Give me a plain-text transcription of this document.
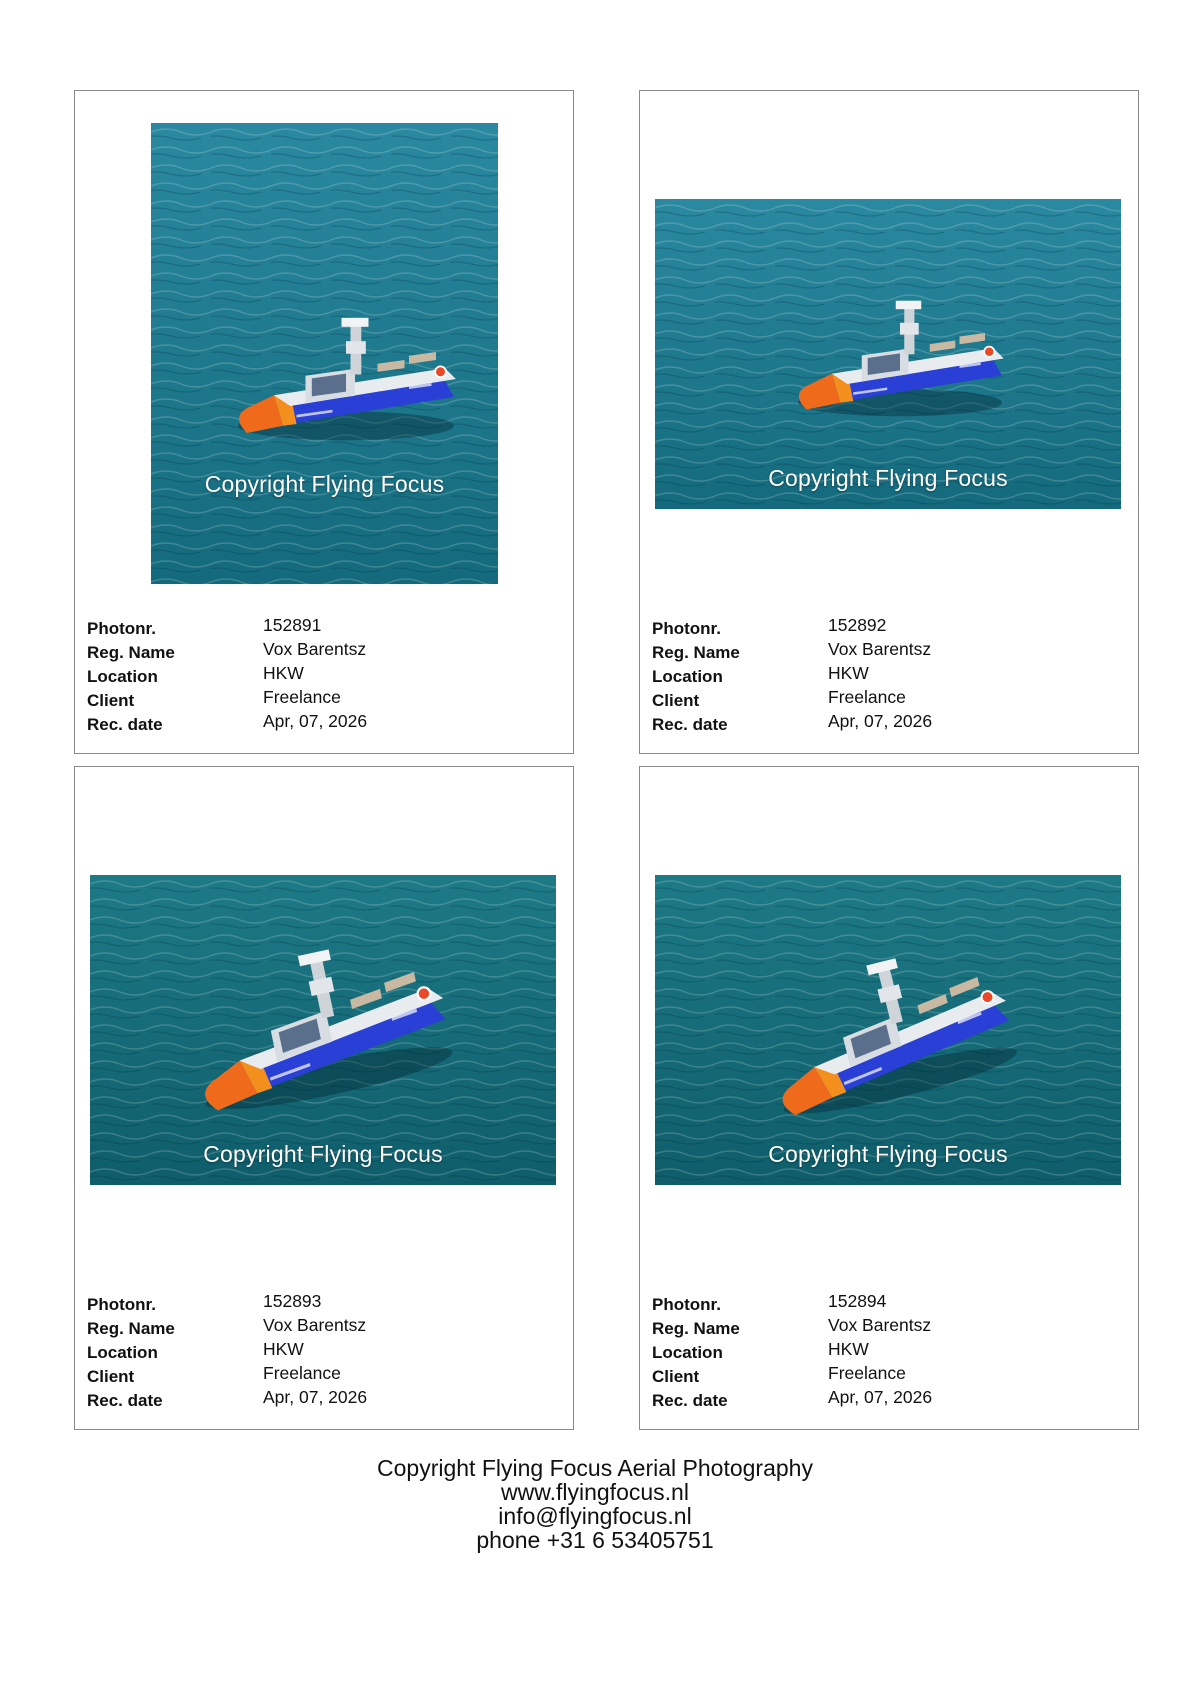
Copyright Flying Focus
Photonr.	152891
Reg. Name	Vox Barentsz
Location	HKW
Client	Freelance
Rec. date	Apr, 07, 2026
Copyright Flying Focus
Photonr.	152892
Reg. Name	Vox Barentsz
Location	HKW
Client	Freelance
Rec. date	Apr, 07, 2026
Copyright Flying Focus
Photonr.	152893
Reg. Name	Vox Barentsz
Location	HKW
Client	Freelance
Rec. date	Apr, 07, 2026
Copyright Flying Focus
Photonr.	152894
Reg. Name	Vox Barentsz
Location	HKW
Client	Freelance
Rec. date	Apr, 07, 2026
Copyright Flying Focus Aerial Photography
www.flyingfocus.nl
info@flyingfocus.nl
phone +31 6 53405751
